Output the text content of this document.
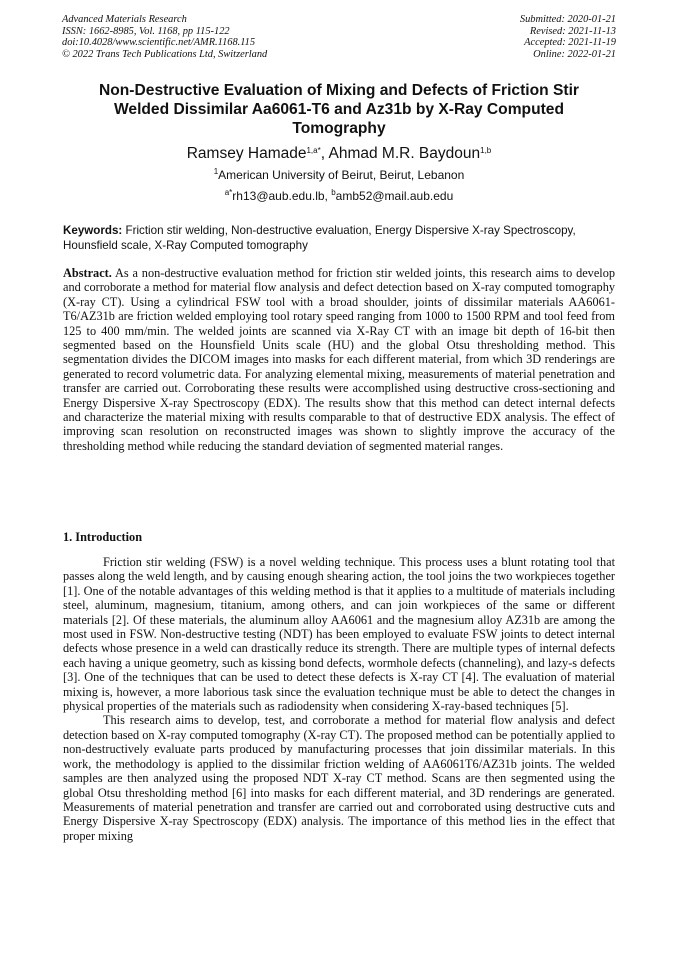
Advanced Materials Research
ISSN: 1662-8985, Vol. 1168, pp 115-122
doi:10.4028/www.scientific.net/AMR.1168.115
© 2022 Trans Tech Publications Ltd, Switzerland
Submitted: 2020-01-21
Revised: 2021-11-13
Accepted: 2021-11-19
Online: 2022-01-21
Non-Destructive Evaluation of Mixing and Defects of Friction Stir Welded Dissimilar Aa6061-T6 and Az31b by X-Ray Computed Tomography
Ramsey Hamade$^{1,a*}$, Ahmad M.R. Baydoun$^{1,b}$
$^1$American University of Beirut, Beirut, Lebanon
$^{a*}$rh13@aub.edu.lb, $^b$amb52@mail.aub.edu
Keywords: Friction stir welding, Non-destructive evaluation, Energy Dispersive X-ray Spectroscopy, Hounsfield scale, X-Ray Computed tomography
Abstract. As a non-destructive evaluation method for friction stir welded joints, this research aims to develop and corroborate a method for material flow analysis and defect detection based on X-ray computed tomography (X-ray CT). Using a cylindrical FSW tool with a broad shoulder, joints of dissimilar materials AA6061-T6/AZ31b are friction welded employing tool rotary speed ranging from 1000 to 1500 RPM and tool feed from 125 to 400 mm/min. The welded joints are scanned via X-Ray CT with an image bit depth of 16-bit then segmented based on the Hounsfield Units scale (HU) and the global Otsu thresholding method. This segmentation divides the DICOM images into masks for each different material, from which 3D renderings are generated to record volumetric data. For analyzing elemental mixing, measurements of material penetration and transfer are carried out. Corroborating these results were accomplished using destructive cross-sectioning and Energy Dispersive X-ray Spectroscopy (EDX). The results show that this method can detect internal defects and characterize the material mixing with results comparable to that of destructive EDX analysis. The effect of improving scan resolution on reconstructed images was shown to slightly improve the accuracy of the thresholding method while reducing the standard deviation of segmented material ranges.
1. Introduction

Friction stir welding (FSW) is a novel welding technique. This process uses a blunt rotating tool that passes along the weld length, and by causing enough shearing action, the tool joins the two workpieces together [1]. One of the notable advantages of this welding method is that it applies to a multitude of materials including steel, aluminum, magnesium, titanium, among others, and can join workpieces of the same or different materials [2]. Of these materials, the aluminum alloy AA6061 and the magnesium alloy AZ31b are among the most used in FSW. Non-destructive testing (NDT) has been employed to evaluate FSW joints to detect internal defects whose presence in a weld can drastically reduce its strength. There are multiple types of internal defects each having a unique geometry, such as kissing bond defects, wormhole defects (channeling), and lazy-s defects [3]. One of the techniques that can be used to detect these defects is X-ray CT [4]. The evaluation of material mixing is, however, a more laborious task since the evaluation technique must be able to detect the changes in physical properties of the materials such as radiodensity when considering X-ray-based techniques [5].

This research aims to develop, test, and corroborate a method for material flow analysis and defect detection based on X-ray computed tomography (X-ray CT). The proposed method can be potentially applied to non-destructively evaluate parts produced by manufacturing processes that join dissimilar materials. In this work, the methodology is applied to the dissimilar friction welding of AA6061T6/AZ31b joints. The welded samples are then analyzed using the proposed NDT X-ray CT method. Scans are then segmented using the global Otsu thresholding method [6] into masks for each different material, and 3D renderings are generated. Measurements of material penetration and transfer are carried out and corroborated using destructive cuts and Energy Dispersive X-ray Spectroscopy (EDX) analysis. The importance of this method lies in the effect that proper mixing
